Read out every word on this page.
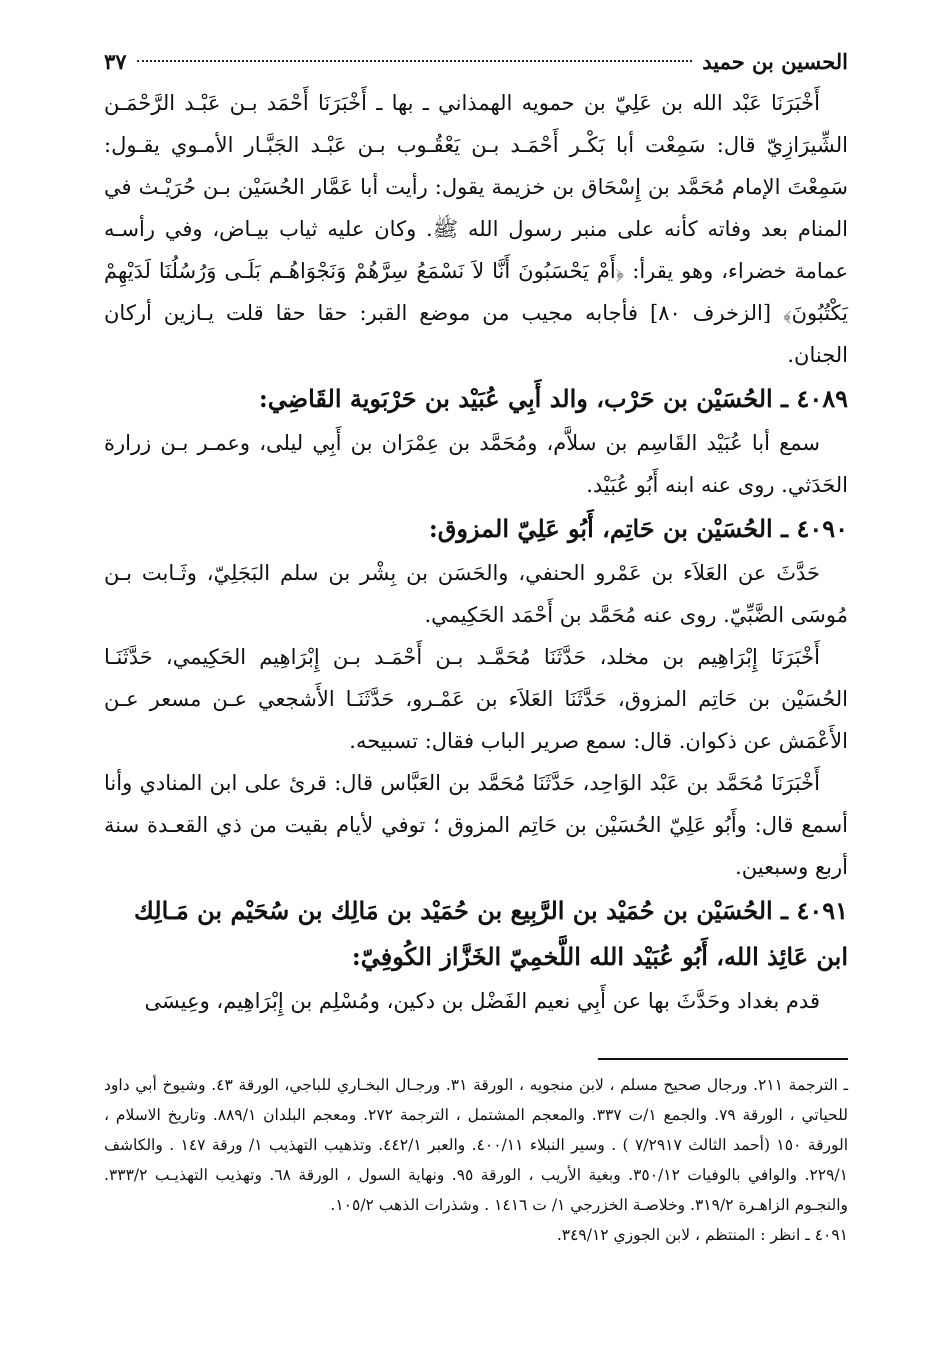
الحسين بن حميد
٣٧

أَخْبَرَنَا عَبْد الله بن عَلِيّ بن حمويه الهمذاني ـ بها ـ أَخْبَرَنَا أَحْمَد بـن عَبْـد الرَّحْمَـن الشِّيرَازِيّ قال: سَمِعْت أبا بَكْـر أَحْمَـد بـن يَعْقُـوب بـن عَبْـد الجَبَّـار الأمـوي يقـول: سَمِعْتَ الإمام مُحَمَّد بن إِسْحَاق بن خزيمة يقول: رأيت أبا عَمَّار الحُسَيْن بـن حُرَيْـث في المنام بعد وفاته كأنه على منبر رسول الله ﷺ. وكان عليه ثياب بيـاض، وفي رأسـه عمامة خضراء، وهو يقرأ: ﴿أَمْ يَحْسَبُونَ أَنَّا لاَ نَسْمَعُ سِرَّهُمْ وَنَجْوَاهُـم بَلَـى وَرُسُلُنَا لَدَيْهِمْ يَكْتُبُونَ﴾ [الزخرف ٨٠] فأجابه مجيب من موضع القبر: حقا حقا قلت يـازين أركان الجنان.

٤٠٨٩ ـ الحُسَيْن بن حَرْب، والد أَبِي عُبَيْد بن حَرْبَوية القَاضِي:

سمع أبا عُبَيْد القَاسِم بن سلاَّم، ومُحَمَّد بن عِمْرَان بن أَبِي ليلى، وعمـر بـن زرارة الحَدَثي. روى عنه ابنه أَبُو عُبَيْد.

٤٠٩٠ ـ الحُسَيْن بن حَاتِم، أَبُو عَلِيّ المزوق:

حَدَّثَ عن العَلاَء بن عَمْرو الحنفي، والحَسَن بن بِشْر بن سلم البَجَلِيّ، وثَـابت بـن مُوسَى الضَّبِّيّ. روى عنه مُحَمَّد بن أَحْمَد الحَكِيمي.

أَخْبَرَنَا إِبْرَاهِيم بن مخلد، حَدَّثَنَا مُحَمَّـد بـن أَحْمَـد بـن إِبْرَاهِيم الحَكِيمي، حَدَّثَنَـا الحُسَيْن بن حَاتِم المزوق، حَدَّثَنَا العَلاَء بن عَمْـرو، حَدَّثَنَـا الأَشجعي عـن مسعر عـن الأَعْمَش عن ذكوان. قال: سمع صرير الباب فقال: تسبيحه.

أَخْبَرَنَا مُحَمَّد بن عَبْد الوَاحِد، حَدَّثَنَا مُحَمَّد بن العَبَّاس قال: قرئ على ابن المنادي وأنا أسمع قال: وأَبُو عَلِيّ الحُسَيْن بن حَاتِم المزوق ؛ توفي لأيام بقيت من ذي القعـدة سنة أربع وسبعين.

٤٠٩١ ـ الحُسَيْن بن حُمَيْد بن الرَّبِيع بن حُمَيْد بن مَالِك بن سُحَيْم بن مَـالِك ابن عَائِذ الله، أَبُو عُبَيْد الله اللَّخمِيّ الخَزَّاز الكُوفِيّ:

قدم بغداد وحَدَّثَ بها عن أَبِي نعيم الفَضْل بن دكين، ومُسْلِم بن إِبْرَاهِيم، وعِيسَى

ـ الترجمة ٢١١. ورجال صحيح مسلم ، لابن منجويه ، الورقة ٣١. ورجـال البخـاري للباجي، الورقة ٤٣. وشيوخ أبي داود للحياتي ، الورقة ٧٩. والجمع ١/ت ٣٣٧. والمعجم المشتمل ، الترجمة ٢٧٢. ومعجم البلدان ٨٨٩/١. وتاريخ الاسلام ، الورقة ١٥٠ (أحمد الثالث ٧/٢٩١٧ ) . وسير النبلاء ٤٠٠/١١. والعبر ٤٤٢/١. وتذهيب التهذيب ١/ ورقة ١٤٧ . والكاشف ٢٢٩/١. والوافي بالوفيات ٣٥٠/١٢. وبغية الأريب ، الورقة ٩٥. ونهاية السول ، الورقة ٦٨. وتهذيب التهذيـب ٣٣٣/٢. والنجـوم الزاهـرة ٣١٩/٢. وخلاصـة الخزرجي ١/ ت ١٤١٦ . وشذرات الذهب ١٠٥/٢.

٤٠٩١ ـ انظر : المنتظم ، لابن الجوزي ٣٤٩/١٢.
